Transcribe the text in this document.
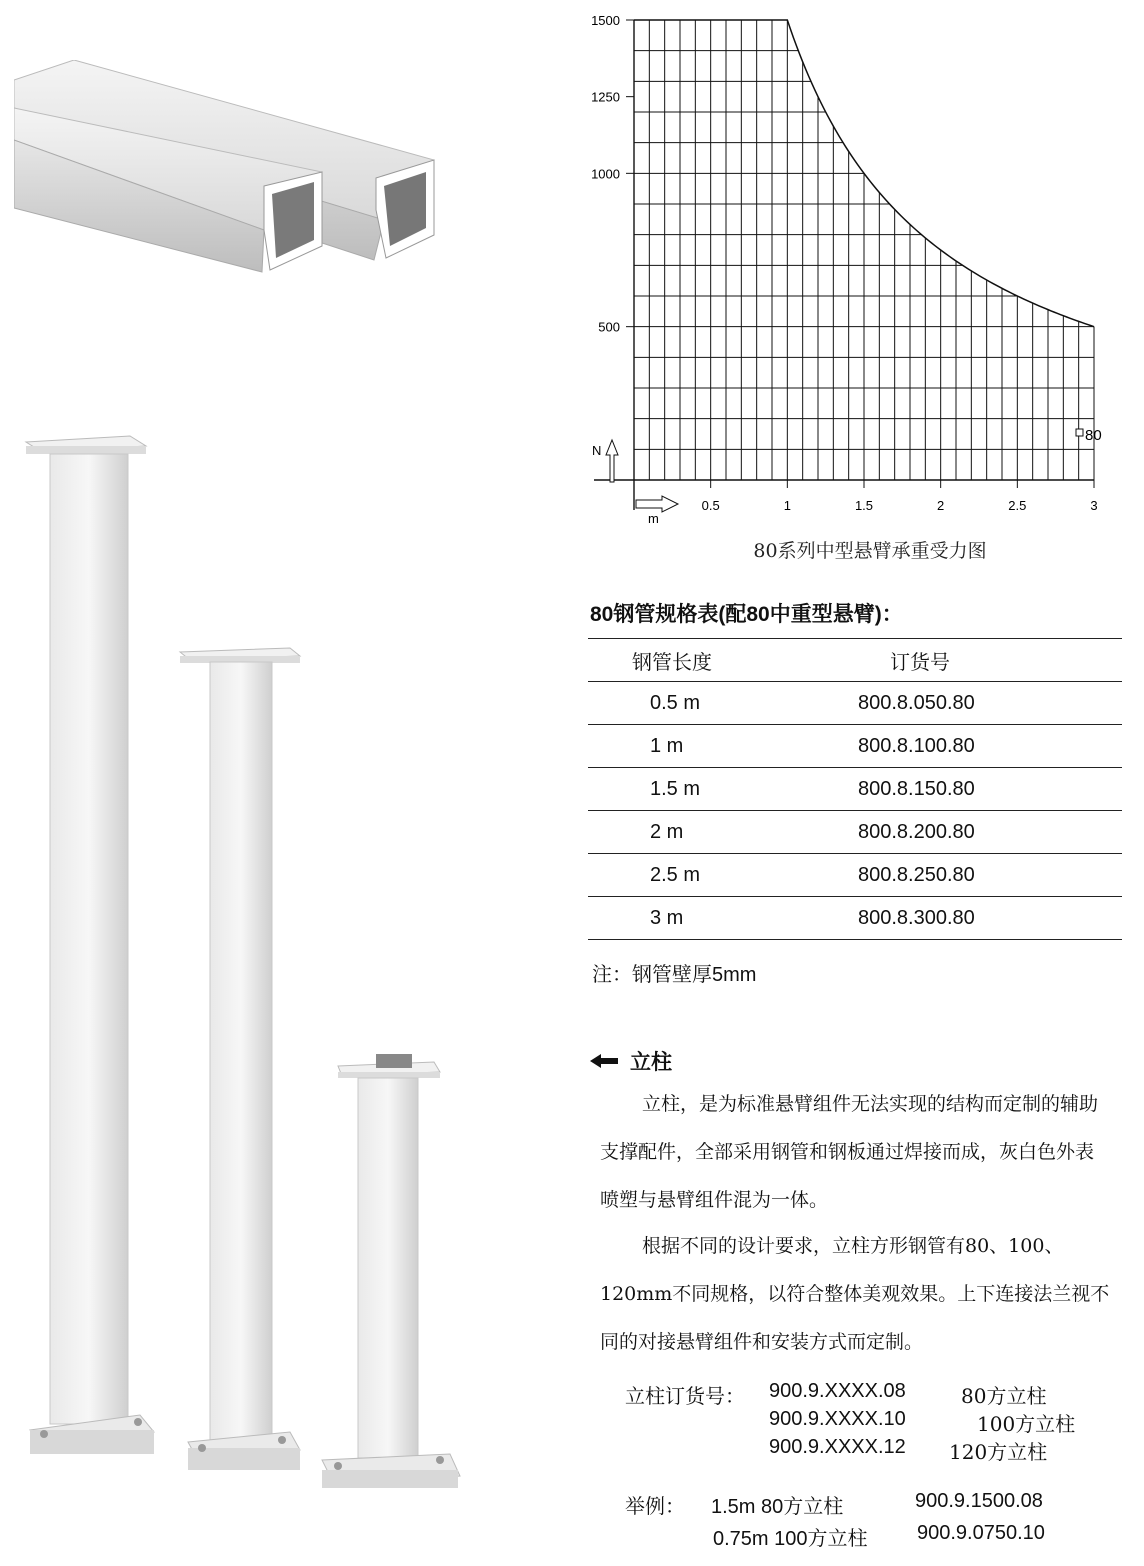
1500
1250
1000
500
0.5	1	1.5	2	2.5	3
N
m
80
80系列中型悬臂承重受力图
80钢管规格表(配80中重型悬臂)：
钢管长度	订货号
0.5 m	800.8.050.80
1 m	800.8.100.80
1.5 m	800.8.150.80
2 m	800.8.200.80
2.5 m	800.8.250.80
3 m	800.8.300.80
注：钢管壁厚5mm
立柱
立柱，是为标准悬臂组件无法实现的结构而定制的辅助支撑配件，全部采用钢管和钢板通过焊接而成，灰白色外表喷塑与悬臂组件混为一体。
根据不同的设计要求，立柱方形钢管有80、100、120mm不同规格，以符合整体美观效果。上下连接法兰视不同的对接悬臂组件和安装方式而定制。
立柱订货号： 900.9.XXXX.08	80方立柱
900.9.XXXX.10	100方立柱
900.9.XXXX.12 120方立柱
举例： 1.5m 80方立柱	900.9.1500.08
0.75m 100方立柱 900.9.0750.10
